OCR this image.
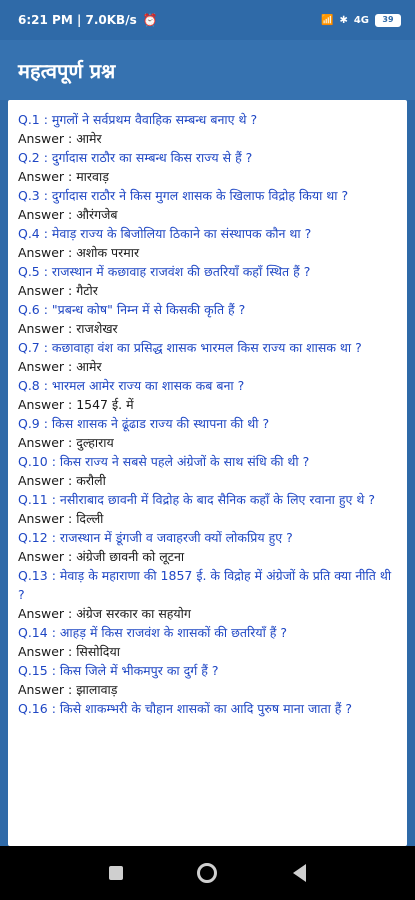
6:21 PM | 7.0KB/s ⏰	📶 ✱ 4G	39
महत्वपूर्ण प्रश्न
Q.1 : मुगलों ने सर्वप्रथम वैवाहिक सम्बन्ध बनाए थे ?
Answer : आमेर
Q.2 : दुर्गादास राठौर का सम्बन्ध किस राज्य से हैं ?
Answer : मारवाड़
Q.3 : दुर्गादास राठौर ने किस मुगल शासक के खिलाफ विद्रोह किया था ?
Answer : औरंगजेब
Q.4 : मेवाड़ राज्य के बिजोलिया ठिकाने का संस्थापक कौन था ?
Answer : अशोक परमार
Q.5 : राजस्थान में कछावाह राजवंश की छतरियाँ कहाँ स्थित हैं ?
Answer : गैटोर
Q.6 : "प्रबन्ध कोष" निम्न में से किसकी कृति हैं ?
Answer : राजशेखर
Q.7 : कछावाहा वंश का प्रसिद्ध शासक भारमल किस राज्य का शासक था ?
Answer : आमेर
Q.8 : भारमल आमेर राज्य का शासक कब बना ?
Answer : 1547 ई. में
Q.9 : किस शासक ने ढूंढाड राज्य की स्थापना की थी ?
Answer : दुल्हाराय
Q.10 : किस राज्य ने सबसे पहले अंग्रेजों के साथ संधि की थी ?
Answer : करौली
Q.11 : नसीराबाद छावनी में विद्रोह के बाद सैनिक कहाँ के लिए रवाना हुए थे ?
Answer : दिल्ली
Q.12 : राजस्थान में डूंगजी व जवाहरजी क्यों लोकप्रिय हुए ?
Answer : अंग्रेजी छावनी को लूटना
Q.13 : मेवाड़ के महाराणा की 1857 ई. के विद्रोह में अंग्रेजों के प्रति क्या नीति थी ?
Answer : अंग्रेज सरकार का सहयोग
Q.14 : आहड़ में किस राजवंश के शासकों की छतरियाँ हैं ?
Answer : सिसोदिया
Q.15 : किस जिले में भीकमपुर का दुर्ग हैं ?
Answer : झालावाड़
Q.16 : किसे शाकम्भरी के चौहान शासकों का आदि पुरुष माना जाता हैं ?
